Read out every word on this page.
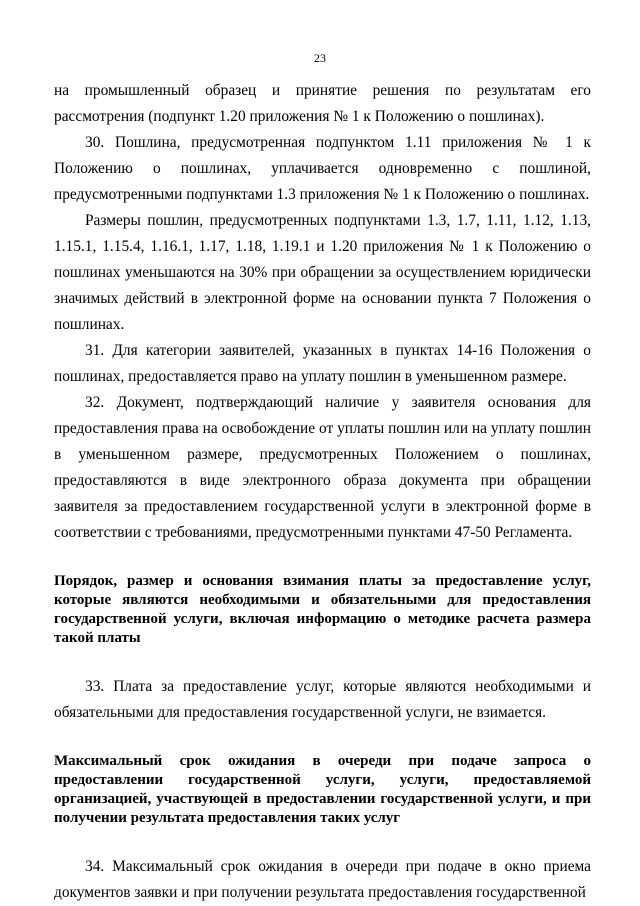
23

на промышленный образец и принятие решения по результатам его рассмотрения (подпункт 1.20 приложения № 1 к Положению о пошлинах).

30. Пошлина, предусмотренная подпунктом 1.11 приложения № 1 к Положению о пошлинах, уплачивается одновременно с пошлиной, предусмотренными подпунктами 1.3 приложения № 1 к Положению о пошлинах.

Размеры пошлин, предусмотренных подпунктами 1.3, 1.7, 1.11, 1.12, 1.13, 1.15.1, 1.15.4, 1.16.1, 1.17, 1.18, 1.19.1 и 1.20 приложения № 1 к Положению о пошлинах уменьшаются на 30% при обращении за осуществлением юридически значимых действий в электронной форме на основании пункта 7 Положения о пошлинах.

31. Для категории заявителей, указанных в пунктах 14-16 Положения о пошлинах, предоставляется право на уплату пошлин в уменьшенном размере.

32. Документ, подтверждающий наличие у заявителя основания для предоставления права на освобождение от уплаты пошлин или на уплату пошлин в уменьшенном размере, предусмотренных Положением о пошлинах, предоставляются в виде электронного образа документа при обращении заявителя за предоставлением государственной услуги в электронной форме в соответствии с требованиями, предусмотренными пунктами 47-50 Регламента.

Порядок, размер и основания взимания платы за предоставление услуг, которые являются необходимыми и обязательными для предоставления государственной услуги, включая информацию о методике расчета размера такой платы

33. Плата за предоставление услуг, которые являются необходимыми и обязательными для предоставления государственной услуги, не взимается.

Максимальный срок ожидания в очереди при подаче запроса о предоставлении государственной услуги, услуги, предоставляемой организацией, участвующей в предоставлении государственной услуги, и при получении результата предоставления таких услуг

34. Максимальный срок ожидания в очереди при подаче в окно приема документов заявки и при получении результата предоставления государственной
